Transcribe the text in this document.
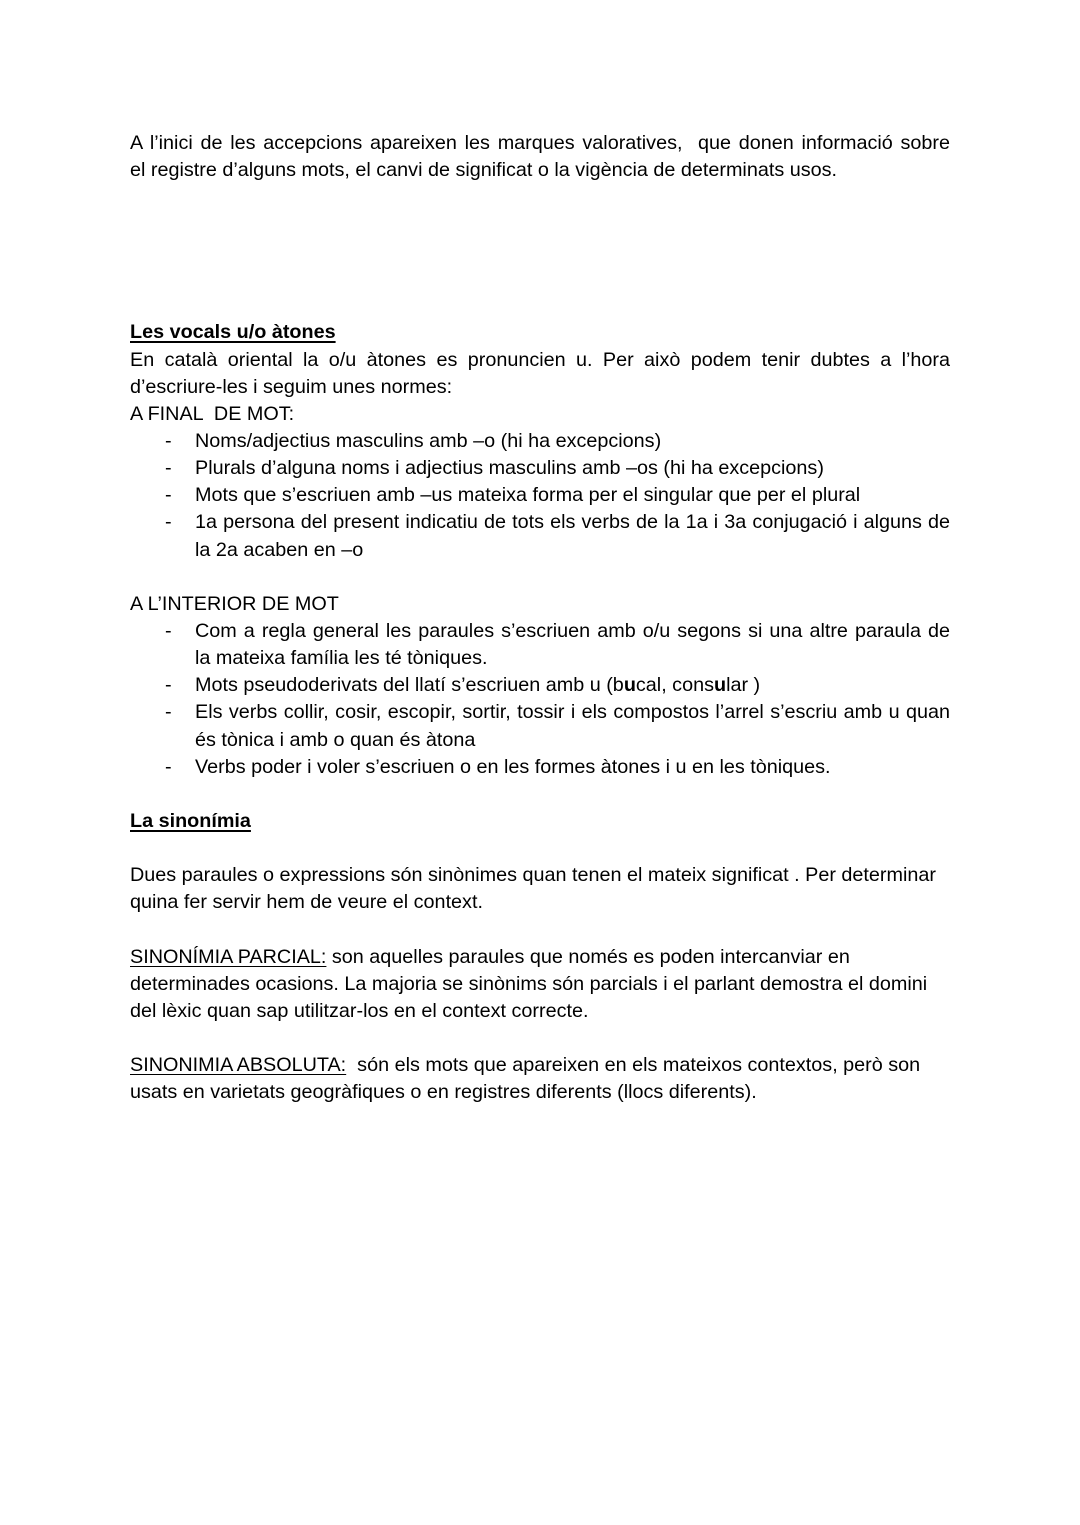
A l’inici de les accepcions apareixen les marques valoratives,  que donen informació sobre
el registre d’alguns mots, el canvi de significat o la vigència de determinats usos.
Les vocals u/o àtones
En català oriental la o/u àtones es pronuncien u. Per això podem tenir dubtes a l’hora
d’escriure-les i seguim unes normes:
A FINAL  DE MOT:
- Noms/adjectius masculins amb –o (hi ha excepcions)
- Plurals d’alguna noms i adjectius masculins amb –os (hi ha excepcions)
- Mots que s’escriuen amb –us mateixa forma per el singular que per el plural
- 1a persona del present indicatiu de tots els verbs de la 1a i 3a conjugació i alguns de
la 2a acaben en –o
A L’INTERIOR DE MOT
- Com a regla general les paraules s’escriuen amb o/u segons si una altre paraula de
la mateixa família les té tòniques.
- Mots pseudoderivats del llatí s’escriuen amb u (bucal, consular )
- Els verbs collir, cosir, escopir, sortir, tossir i els compostos l’arrel s’escriu amb u quan
és tònica i amb o quan és àtona
- Verbs poder i voler s’escriuen o en les formes àtones i u en les tòniques.
La sinonímia
Dues paraules o expressions són sinònimes quan tenen el mateix significat . Per determinar
quina fer servir hem de veure el context.
SINONÍMIA PARCIAL: son aquelles paraules que només es poden intercanviar en
determinades ocasions. La majoria se sinònims són parcials i el parlant demostra el domini
del lèxic quan sap utilitzar-los en el context correcte.
SINONIMIA ABSOLUTA:  són els mots que apareixen en els mateixos contextos, però son
usats en varietats geogràfiques o en registres diferents (llocs diferents).
